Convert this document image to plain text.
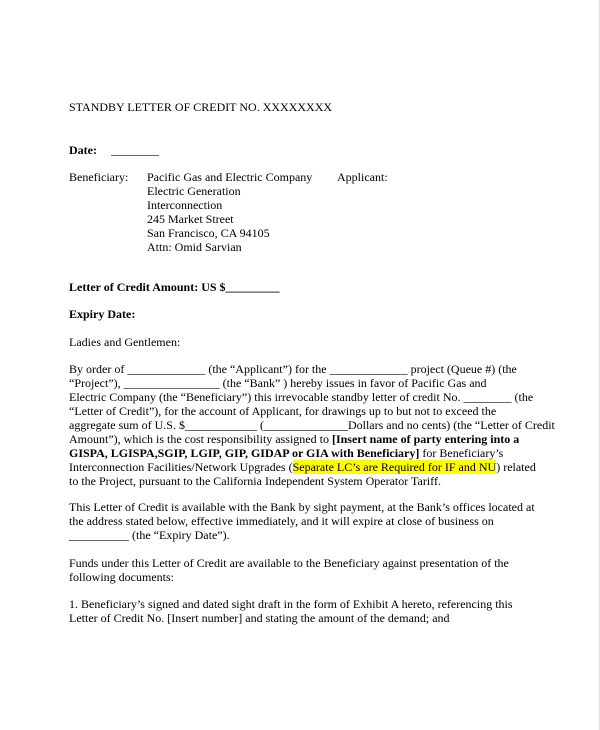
STANDBY LETTER OF CREDIT NO. XXXXXXXX
Date: ________
Beneficiary: Pacific Gas and Electric Company
Electric Generation
Interconnection
245 Market Street
San Francisco, CA 94105
Attn: Omid Sarvian
Applicant:
Letter of Credit Amount: US $_________
Expiry Date:
Ladies and Gentlemen:
By order of _____________ (the “Applicant”) for the _____________ project (Queue #) (the
“Project”), ________________ (the “Bank” ) hereby issues in favor of Pacific Gas and
Electric Company (the “Beneficiary”) this irrevocable standby letter of credit No. ________ (the
“Letter of Credit”), for the account of Applicant, for drawings up to but not to exceed the
aggregate sum of U.S. $____________ (______________Dollars and no cents) (the “Letter of Credit
Amount”), which is the cost responsibility assigned to [Insert name of party entering into a
GISPA, LGISPA,SGIP, LGIP, GIP, GIDAP or GIA with Beneficiary] for Beneficiary’s
Interconnection Facilities/Network Upgrades (Separate LC’s are Required for IF and NU) related
to the Project, pursuant to the California Independent System Operator Tariff.
This Letter of Credit is available with the Bank by sight payment, at the Bank’s offices located at
the address stated below, effective immediately, and it will expire at close of business on
__________ (the “Expiry Date”).
Funds under this Letter of Credit are available to the Beneficiary against presentation of the
following documents:
1. Beneficiary’s signed and dated sight draft in the form of Exhibit A hereto, referencing this
Letter of Credit No. [Insert number] and stating the amount of the demand; and
